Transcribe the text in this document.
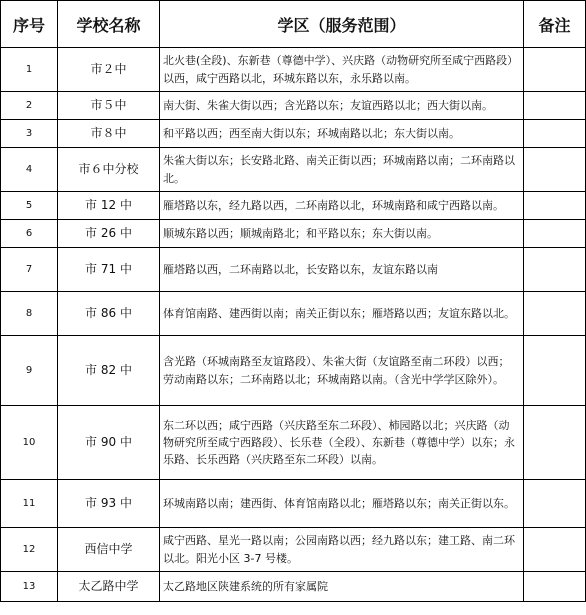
序号	学校名称	学区（服务范围）	备注
1	市２中	北火巷(全段)、东新巷（尊德中学）、兴庆路（动物研究所至咸宁西路段）以西，咸宁西路以北，环城东路以东，永乐路以南。	
2	市５中	南大街、朱雀大街以西；含光路以东；友谊西路以北；西大街以南。	
3	市８中	和平路以西；西至南大街以东；环城南路以北；东大街以南。	
4	市６中分校	朱雀大街以东；长安路北路、南关正街以西；环城南路以南；二环南路以北。	
5	市 12 中	雁塔路以东，经九路以西，二环南路以北，环城南路和咸宁西路以南。	
6	市 26 中	顺城东路以西；顺城南路北；和平路以东；东大街以南。	
7	市 71 中	雁塔路以西，二环南路以北，长安路以东，友谊东路以南	
8	市 86 中	体育馆南路、建西街以南；南关正街以东；雁塔路以西；友谊东路以北。	
9	市 82 中	含光路（环城南路至友谊路段）、朱雀大街（友谊路至南二环段）以西；劳动南路以东；二环南路以北；环城南路以南。（含光中学学区除外）。	
10	市 90 中	东二环以西；咸宁西路（兴庆路至东二环段）、柿园路以北；兴庆路（动物研究所至咸宁西路段）、长乐巷（全段）、东新巷（尊德中学）以东；永乐路、长乐西路（兴庆路至东二环段）以南。	
11	市 93 中	环城南路以南；建西街、体育馆南路以北；雁塔路以东；南关正街以东。	
12	西信中学	咸宁西路、星光一路以南；公园南路以西；经九路以东；建工路、南二环以北。阳光小区 3-7 号楼。	
13	太乙路中学	太乙路地区陕建系统的所有家属院	
